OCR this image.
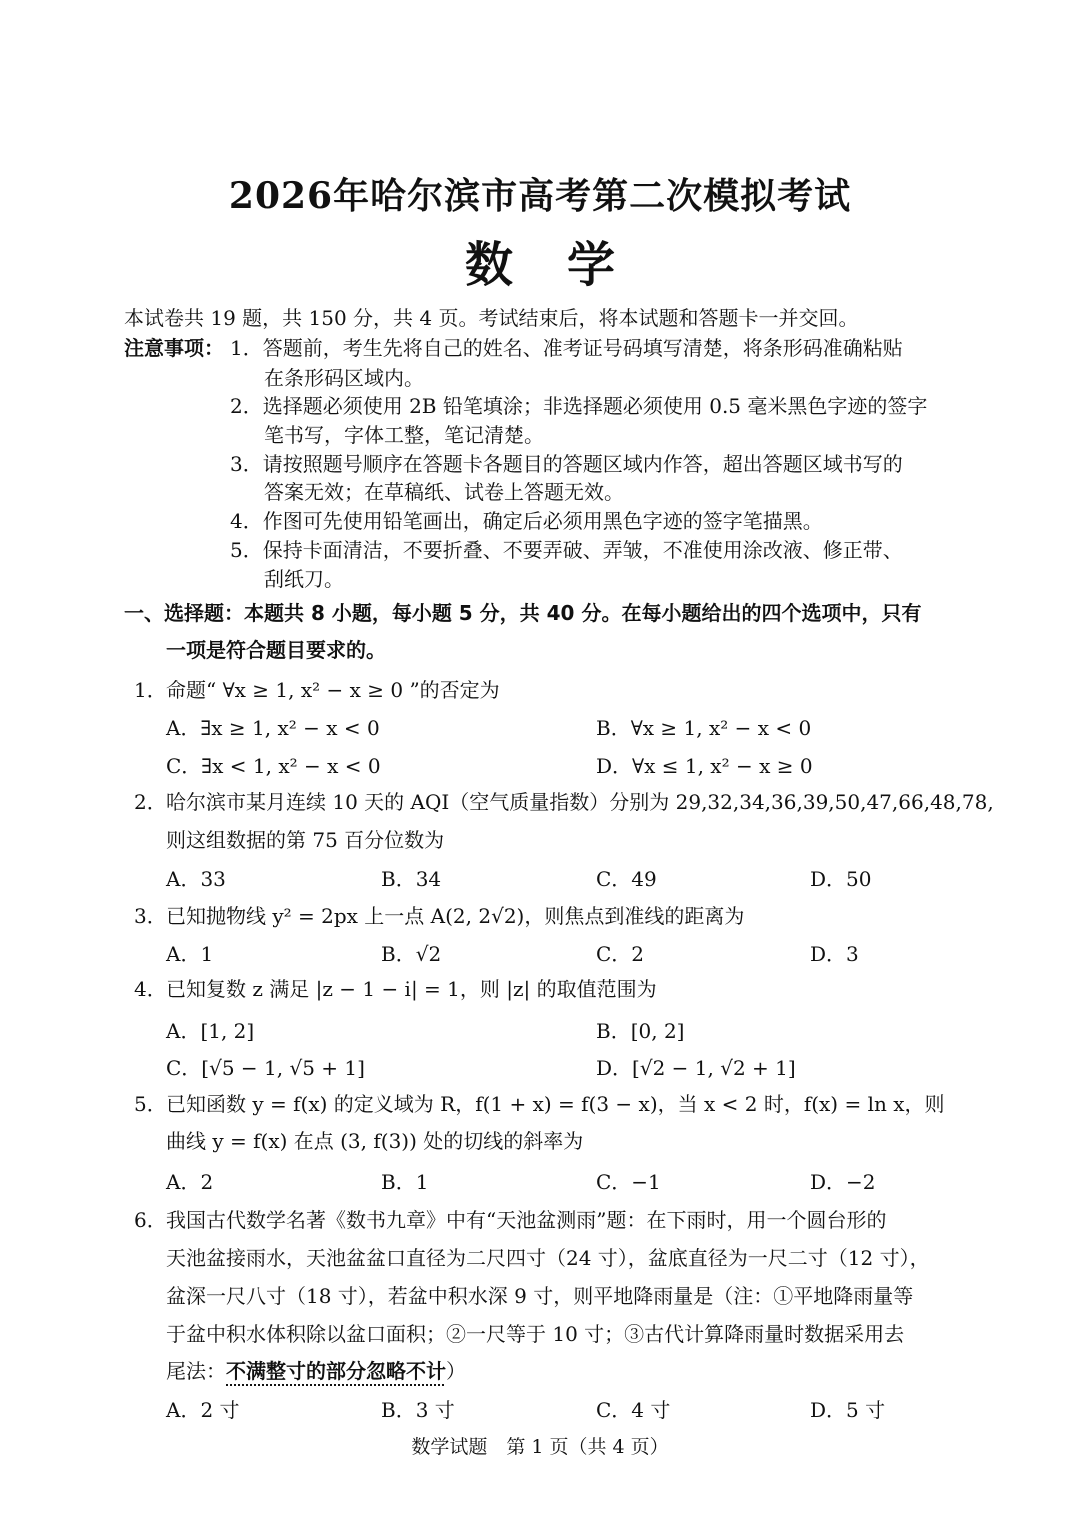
2026年哈尔滨市高考第二次模拟考试
数学
本试卷共 19 题，共 150 分，共 4 页。考试结束后，将本试题和答题卡一并交回。
注意事项： 1．答题前，考生先将自己的姓名、准考证号码填写清楚，将条形码准确粘贴
在条形码区域内。
2．选择题必须使用 2B 铅笔填涂；非选择题必须使用 0.5 毫米黑色字迹的签字
笔书写，字体工整，笔记清楚。
3．请按照题号顺序在答题卡各题目的答题区域内作答，超出答题区域书写的
答案无效；在草稿纸、试卷上答题无效。
4．作图可先使用铅笔画出，确定后必须用黑色字迹的签字笔描黑。
5．保持卡面清洁，不要折叠、不要弄破、弄皱，不准使用涂改液、修正带、
刮纸刀。
一、选择题：本题共 8 小题，每小题 5 分，共 40 分。在每小题给出的四个选项中，只有
一项是符合题目要求的。
1． 命题“ ∀x ≥ 1, x² − x ≥ 0 ”的否定为
A．∃x ≥ 1, x² − x < 0	B．∀x ≥ 1, x² − x < 0
C．∃x < 1, x² − x < 0	D．∀x ≤ 1, x² − x ≥ 0
2． 哈尔滨市某月连续 10 天的 AQI（空气质量指数）分别为 29,32,34,36,39,50,47,66,48,78,
则这组数据的第 75 百分位数为
A．33	B．34	C．49	D．50
3． 已知抛物线 y² = 2px 上一点 A(2, 2√2)，则焦点到准线的距离为
A．1	B．√2	C．2	D．3
4． 已知复数 z 满足 |z − 1 − i| = 1，则 |z| 的取值范围为
A．[1, 2]	B．[0, 2]
C．[√5 − 1, √5 + 1]	D．[√2 − 1, √2 + 1]
5． 已知函数 y = f(x) 的定义域为 R，f(1 + x) = f(3 − x)，当 x < 2 时，f(x) = ln x，则
曲线 y = f(x) 在点 (3, f(3)) 处的切线的斜率为
A．2	B．1	C．−1	D．−2
6． 我国古代数学名著《数书九章》中有“天池盆测雨”题：在下雨时，用一个圆台形的
天池盆接雨水，天池盆盆口直径为二尺四寸（24 寸），盆底直径为一尺二寸（12 寸），
盆深一尺八寸（18 寸），若盆中积水深 9 寸，则平地降雨量是（注：①平地降雨量等
于盆中积水体积除以盆口面积；②一尺等于 10 寸；③古代计算降雨量时数据采用去
尾法：不满整寸的部分忽略不计）
A．2 寸	B．3 寸	C．4 寸	D．5 寸
数学试题　第 1 页（共 4 页）
